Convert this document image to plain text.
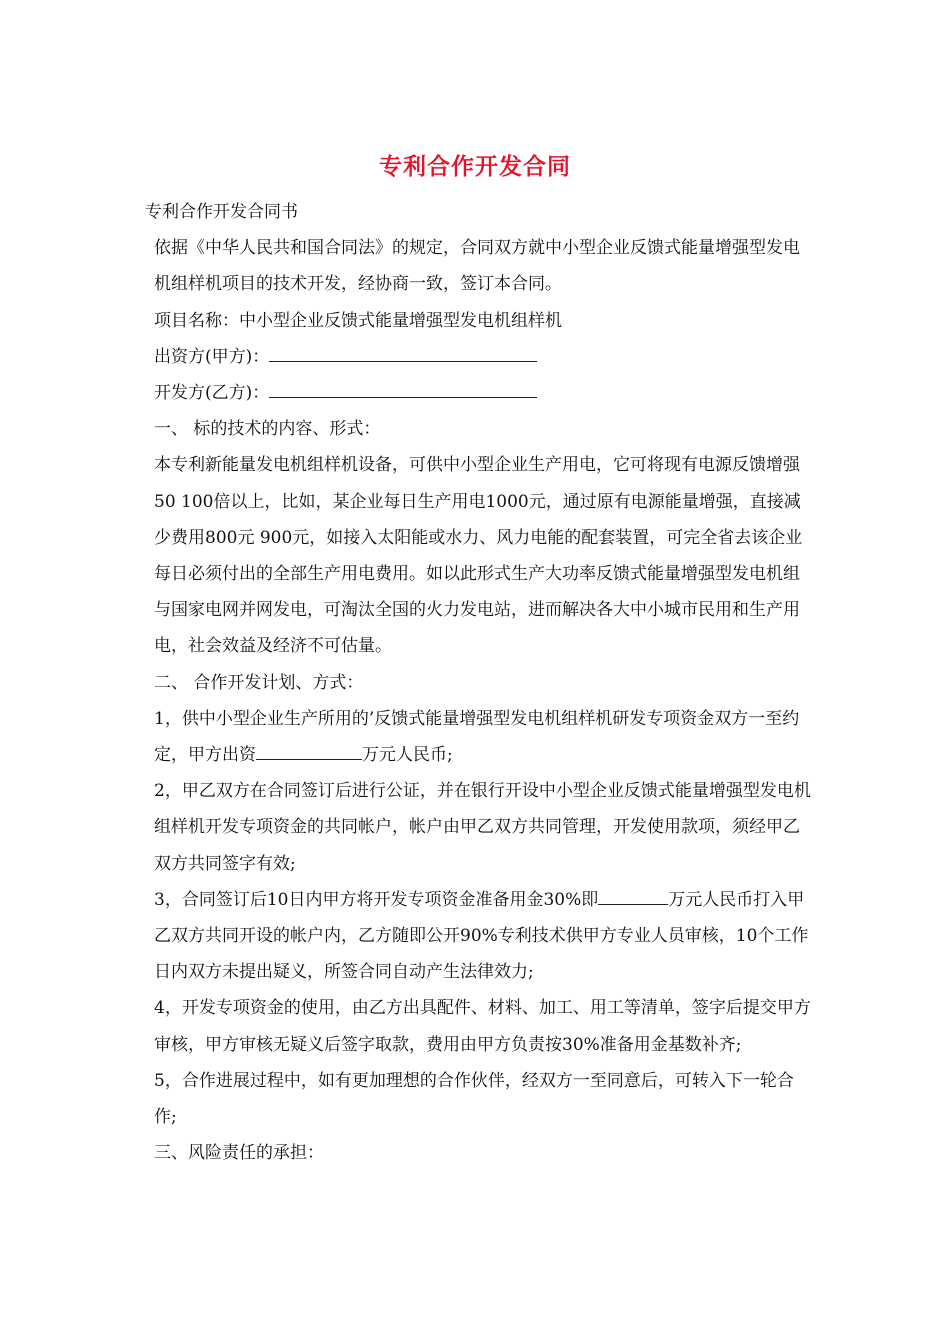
专利合作开发合同

专利合作开发合同书

依据《中华人民共和国合同法》的规定，合同双方就中小型企业反馈式能量增强型发电机组样机项目的技术开发，经协商一致，签订本合同。

项目名称：中小型企业反馈式能量增强型发电机组样机

出资方(甲方)：

开发方(乙方)：

一、 标的技术的内容、形式：

本专利新能量发电机组样机设备，可供中小型企业生产用电，它可将现有电源反馈增强50 100倍以上，比如，某企业每日生产用电1000元，通过原有电源能量增强，直接减少费用800元 900元，如接入太阳能或水力、风力电能的配套装置，可完全省去该企业每日必须付出的全部生产用电费用。如以此形式生产大功率反馈式能量增强型发电机组与国家电网并网发电，可淘汰全国的火力发电站，进而解决各大中小城市民用和生产用电，社会效益及经济不可估量。

二、 合作开发计划、方式：

1，供中小型企业生产所用的’反馈式能量增强型发电机组样机研发专项资金双方一至约定，甲方出资	万元人民币;

2，甲乙双方在合同签订后进行公证，并在银行开设中小型企业反馈式能量增强型发电机组样机开发专项资金的共同帐户，帐户由甲乙双方共同管理，开发使用款项，须经甲乙双方共同签字有效;

3，合同签订后10日内甲方将开发专项资金准备用金30%即	万元人民币打入甲乙双方共同开设的帐户内，乙方随即公开90%专利技术供甲方专业人员审核，10个工作日内双方未提出疑义，所签合同自动产生法律效力;

4，开发专项资金的使用，由乙方出具配件、材料、加工、用工等清单，签字后提交甲方审核，甲方审核无疑义后签字取款，费用由甲方负责按30%准备用金基数补齐;

5，合作进展过程中，如有更加理想的合作伙伴，经双方一至同意后，可转入下一轮合作;

三、风险责任的承担：
